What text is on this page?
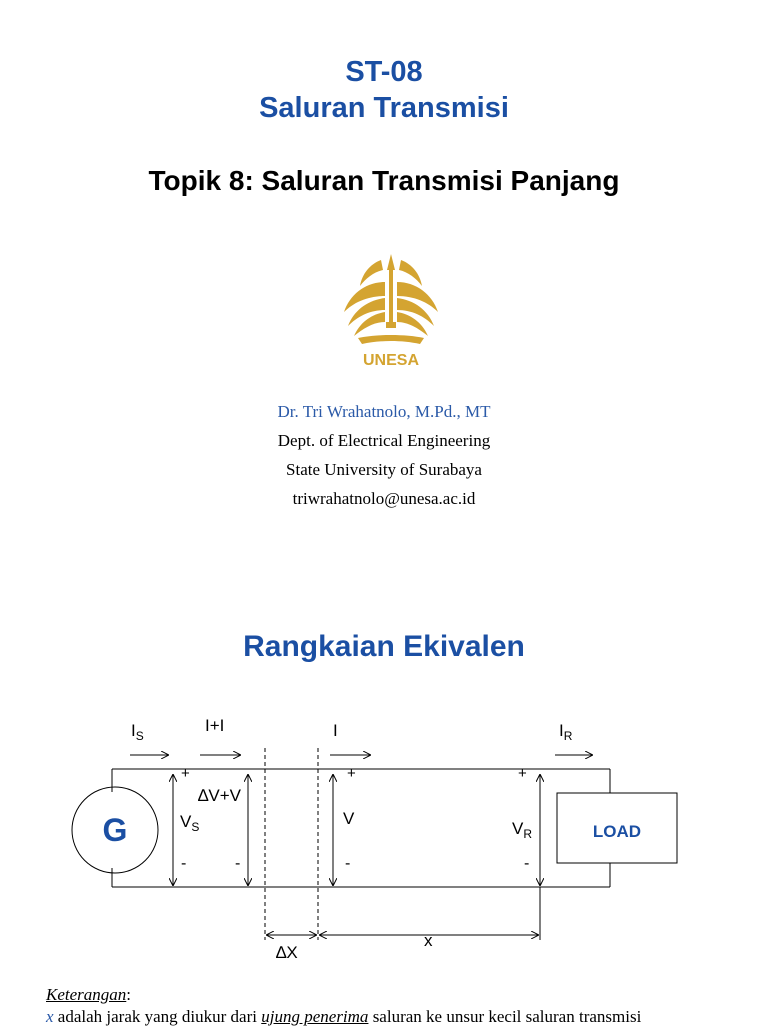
ST-08
Saluran Transmisi
Topik 8: Saluran Transmisi Panjang
UNESA
Dr. Tri Wrahatnolo, M.Pd., MT
Dept. of Electrical Engineering
State University of Surabaya
triwrahatnolo@unesa.ac.id
Rangkaian Ekivalen
$I_S$
I+I	I	$I_R$
G	LOAD
$V_S$
∆V+V
V
$V_R$
+	+	+
-	-	-	-
∆X
x
Keterangan:
x adalah jarak yang diukur dari ujung penerima saluran ke unsur kecil saluran transmisi
